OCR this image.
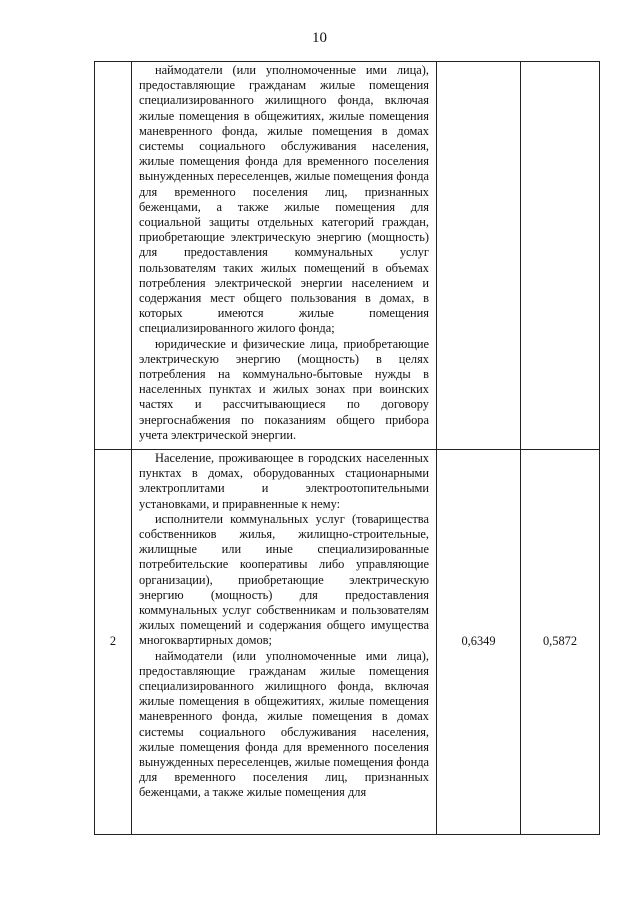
10

	наймодатели (или уполномоченные ими лица), предоставляющие гражданам жилые помещения специализированного жилищного фонда, включая жилые помещения в общежитиях, жилые помещения маневренного фонда, жилые помещения в домах системы социального обслуживания населения, жилые помещения фонда для временного поселения вынужденных переселенцев, жилые помещения фонда для временного поселения лиц, признанных беженцами, а также жилые помещения для социальной защиты отдельных категорий граждан, приобретающие электрическую энергию (мощность) для предоставления коммунальных услуг пользователям таких жилых помещений в объемах потребления электрической энергии населением и содержания мест общего пользования в домах, в которых имеются жилые помещения специализированного жилого фонда;

юридические и физические лица, приобретающие электрическую энергию (мощность) в целях потребления на коммунально-бытовые нужды в населенных пунктах и жилых зонах при воинских частях и рассчитывающиеся по договору энергоснабжения по показаниям общего прибора учета электрической энергии.		

2	Население, проживающее в городских населенных пунктах в домах, оборудованных стационарными электроплитами и электроотопительными установками, и приравненные к нему:

исполнители коммунальных услуг (товарищества собственников жилья, жилищно-строительные, жилищные или иные специализированные потребительские кооперативы либо управляющие организации), приобретающие электрическую энергию (мощность) для предоставления коммунальных услуг собственникам и пользователям жилых помещений и содержания общего имущества многоквартирных домов;

наймодатели (или уполномоченные ими лица), предоставляющие гражданам жилые помещения специализированного жилищного фонда, включая жилые помещения в общежитиях, жилые помещения маневренного фонда, жилые помещения в домах системы социального обслуживания населения, жилые помещения фонда для временного поселения вынужденных переселенцев, жилые помещения фонда для временного поселения лиц, признанных беженцами, а также жилые помещения для	0,6349	0,5872
